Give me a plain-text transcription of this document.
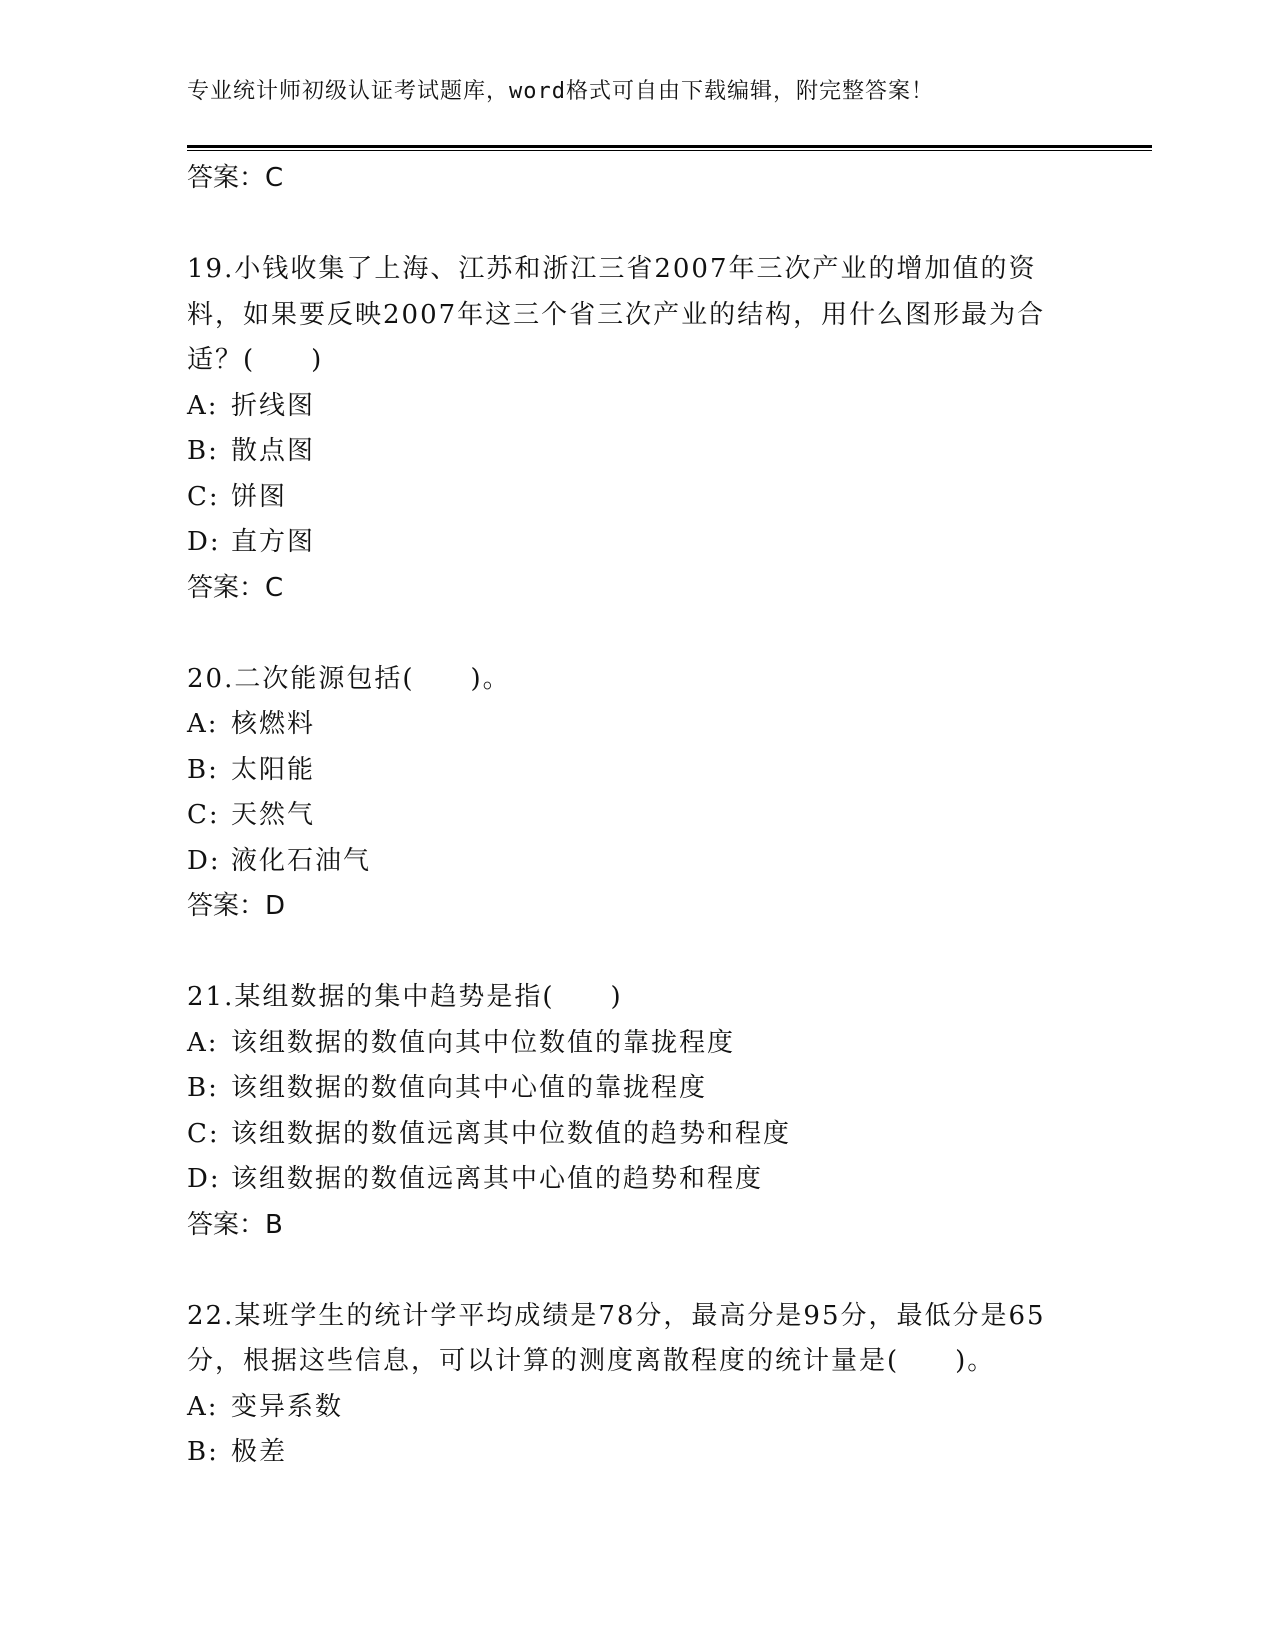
专业统计师初级认证考试题库，word格式可自由下载编辑，附完整答案！
答案：C
19.小钱收集了上海、江苏和浙江三省2007年三次产业的增加值的资
料，如果要反映2007年这三个省三次产业的结构，用什么图形最为合
适？(　　)
A: 折线图
B: 散点图
C: 饼图
D: 直方图
答案：C
20.二次能源包括(　　)。
A: 核燃料
B: 太阳能
C: 天然气
D: 液化石油气
答案：D
21.某组数据的集中趋势是指(　　)
A: 该组数据的数值向其中位数值的靠拢程度
B: 该组数据的数值向其中心值的靠拢程度
C: 该组数据的数值远离其中位数值的趋势和程度
D: 该组数据的数值远离其中心值的趋势和程度
答案：B
22.某班学生的统计学平均成绩是78分，最高分是95分，最低分是65
分，根据这些信息，可以计算的测度离散程度的统计量是(　　)。
A: 变异系数
B: 极差
